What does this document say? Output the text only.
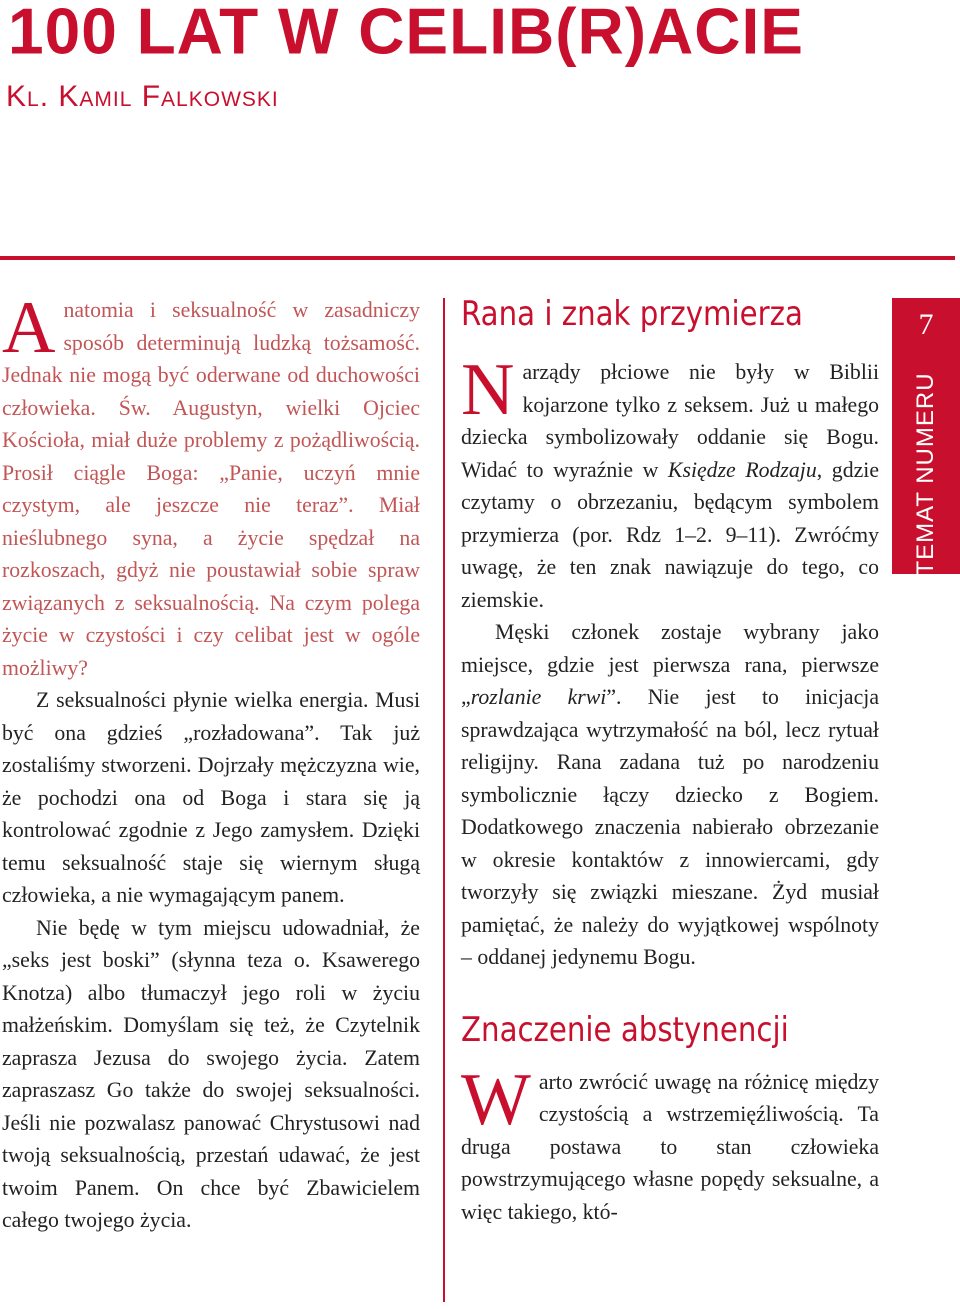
100 LAT W CELIB(R)ACIE
Kl. Kamil Falkowski
7
TEMAT NUMERU

Anatomia i seksualność w zasadniczy sposób determinują ludzką tożsamość. Jednak nie mogą być oderwane od duchowości człowieka. Św. Augustyn, wielki Ojciec Kościoła, miał duże problemy z pożądliwością. Prosił ciągle Boga: „Panie, uczyń mnie czystym, ale jeszcze nie teraz”. Miał nieślubnego syna, a życie spędzał na rozkoszach, gdyż nie poustawiał sobie spraw związanych z seksualnością. Na czym polega życie w czystości i czy celibat jest w ogóle możliwy?

Z seksualności płynie wielka energia. Musi być ona gdzieś „rozładowana”. Tak już zostaliśmy stworzeni. Dojrzały mężczyzna wie, że pochodzi ona od Boga i stara się ją kontrolować zgodnie z Jego zamysłem. Dzięki temu seksualność staje się wiernym sługą człowieka, a nie wymagającym panem.

Nie będę w tym miejscu udowadniał, że „seks jest boski” (słynna teza o. Ksawerego Knotza) albo tłumaczył jego roli w życiu małżeńskim. Domyślam się też, że Czytelnik zaprasza Jezusa do swojego życia. Zatem zapraszasz Go także do swojej seksualności. Jeśli nie pozwalasz panować Chrystusowi nad twoją seksualnością, przestań udawać, że jest twoim Panem. On chce być Zbawicielem całego twojego życia.

Rana i znak przymierza

Narządy płciowe nie były w Biblii kojarzone tylko z seksem. Już u małego dziecka symbolizowały oddanie się Bogu. Widać to wyraźnie w Księdze Rodzaju, gdzie czytamy o obrzezaniu, będącym symbolem przymierza (por. Rdz 1–2. 9–11). Zwróćmy uwagę, że ten znak nawiązuje do tego, co ziemskie.

Męski członek zostaje wybrany jako miejsce, gdzie jest pierwsza rana, pierwsze „rozlanie krwi”. Nie jest to inicjacja sprawdzająca wytrzymałość na ból, lecz rytuał religijny. Rana zadana tuż po narodzeniu symbolicznie łączy dziecko z Bogiem. Dodatkowego znaczenia nabierało obrzezanie w okresie kontaktów z innowiercami, gdy tworzyły się związki mieszane. Żyd musiał pamiętać, że należy do wyjątkowej wspólnoty – oddanej jedynemu Bogu.

Znaczenie abstynencji

Warto zwrócić uwagę na różnicę między czystością a wstrzemięźliwością. Ta druga postawa to stan człowieka powstrzymującego własne popędy seksualne, a więc takiego, któ-
